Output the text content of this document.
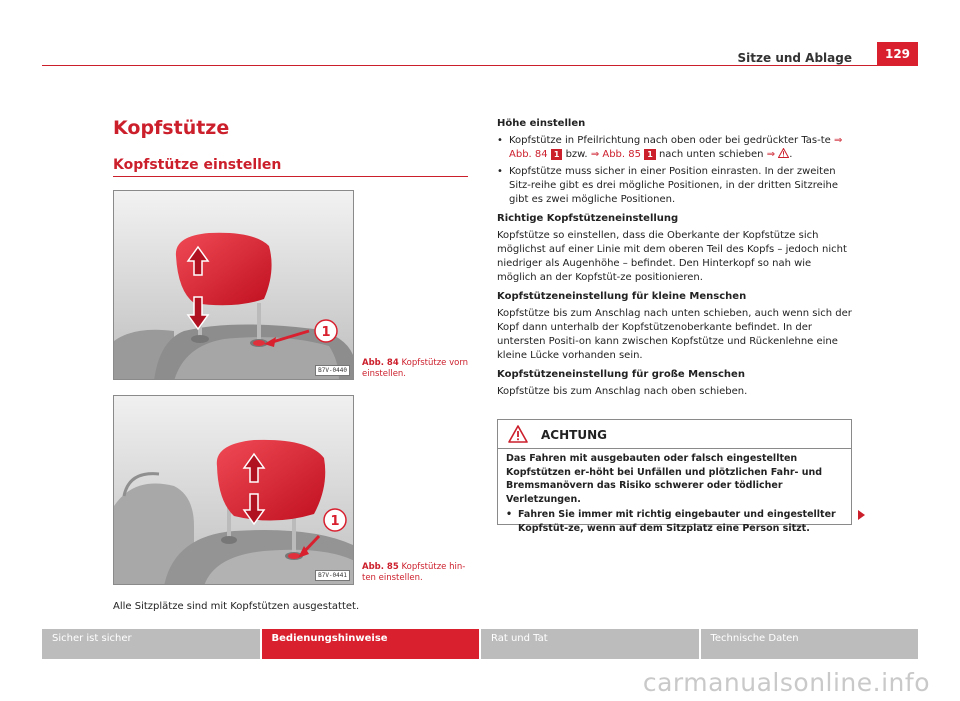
Sitze und Ablage	129
Kopfstütze
Kopfstütze einstellen
1
B7V-0440
Abb. 84 Kopfstütze vorn einstellen.
1
B7V-0441
Abb. 85 Kopfstütze hin-ten einstellen.
Alle Sitzplätze sind mit Kopfstützen ausgestattet.
Höhe einstellen
• Kopfstütze in Pfeilrichtung nach oben oder bei gedrückter Tas-te ⇒ Abb. 84 1 bzw. ⇒ Abb. 85 1 nach unten schieben ⇒ .
• Kopfstütze muss sicher in einer Position einrasten. In der zweiten Sitz-reihe gibt es drei mögliche Positionen, in der dritten Sitzreihe gibt es zwei mögliche Positionen.
Richtige Kopfstützeneinstellung
Kopfstütze so einstellen, dass die Oberkante der Kopfstütze sich möglichst auf einer Linie mit dem oberen Teil des Kopfs – jedoch nicht niedriger als Augenhöhe – befindet. Den Hinterkopf so nah wie möglich an der Kopfstüt-ze positionieren.
Kopfstützeneinstellung für kleine Menschen
Kopfstütze bis zum Anschlag nach unten schieben, auch wenn sich der Kopf dann unterhalb der Kopfstützenoberkante befindet. In der untersten Positi-on kann zwischen Kopfstütze und Rückenlehne eine kleine Lücke vorhanden sein.
Kopfstützeneinstellung für große Menschen
Kopfstütze bis zum Anschlag nach oben schieben.
ACHTUNG
Das Fahren mit ausgebauten oder falsch eingestellten Kopfstützen er-höht bei Unfällen und plötzlichen Fahr- und Bremsmanövern das Risiko schwerer oder tödlicher Verletzungen.
• Fahren Sie immer mit richtig eingebauter und eingestellter Kopfstüt-ze, wenn auf dem Sitzplatz eine Person sitzt.
Sicher ist sicher	Bedienungshinweise	Rat und Tat	Technische Daten
carmanualsonline.info
